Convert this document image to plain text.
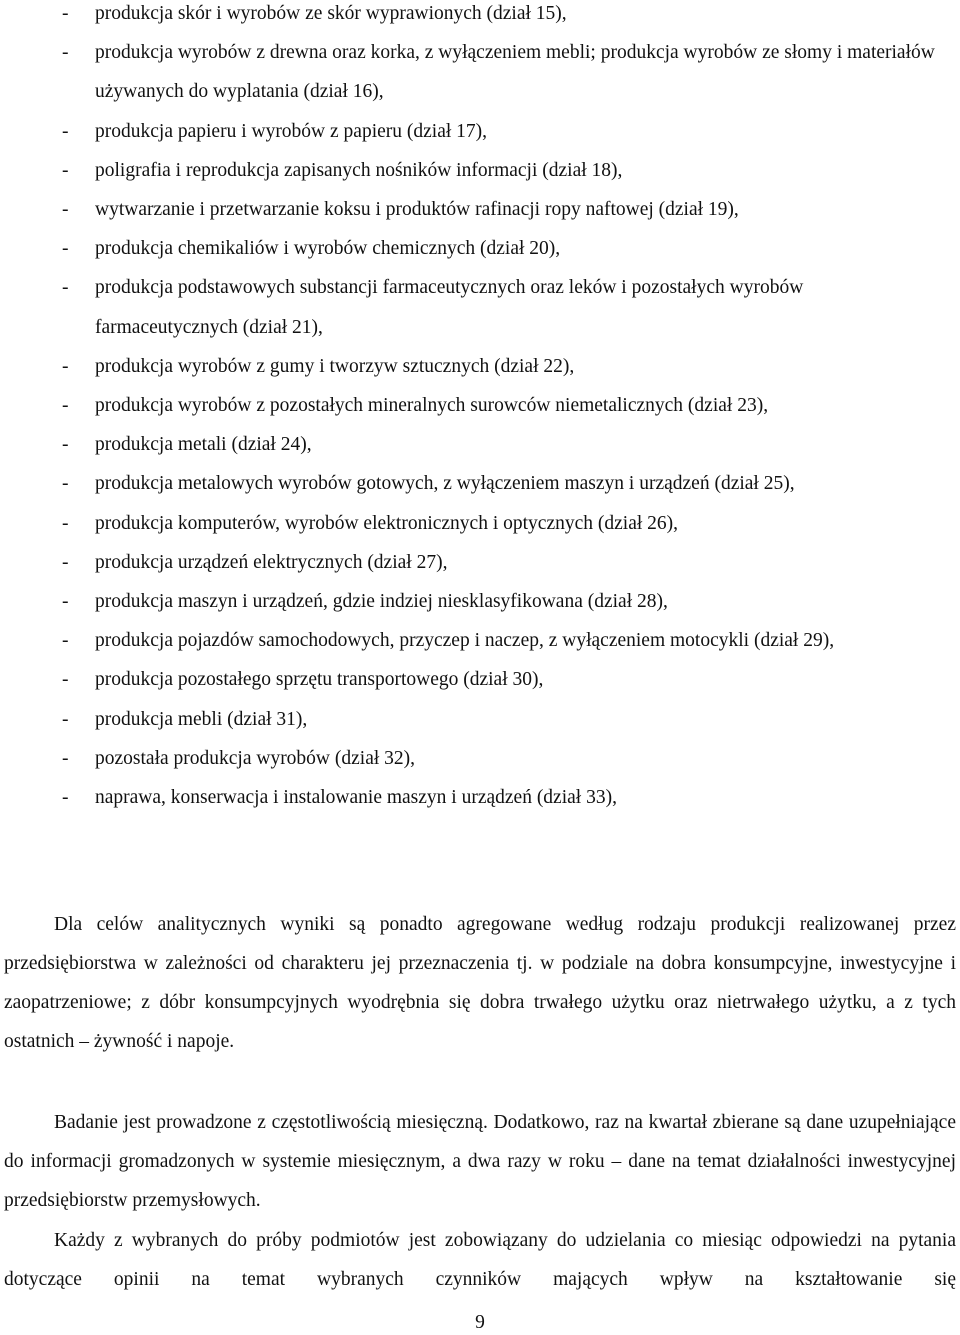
- produkcja skór i wyrobów ze skór wyprawionych (dział 15),
-	produkcja wyrobów z drewna oraz korka, z wyłączeniem mebli; produkcja wyrobów ze słomy i materiałów używanych do wyplatania (dział 16),
- produkcja papieru i wyrobów z papieru (dział 17),
- poligrafia i reprodukcja zapisanych nośników informacji (dział 18),
- wytwarzanie i przetwarzanie koksu i produktów rafinacji ropy naftowej (dział 19),
- produkcja chemikaliów i wyrobów chemicznych (dział 20),
- produkcja podstawowych substancji farmaceutycznych oraz leków i pozostałych wyrobów farmaceutycznych (dział 21),
- produkcja wyrobów z gumy i tworzyw sztucznych (dział 22),
- produkcja wyrobów z pozostałych mineralnych surowców niemetalicznych (dział 23),
- produkcja metali (dział 24),
- produkcja metalowych wyrobów gotowych, z wyłączeniem maszyn i urządzeń (dział 25),
- produkcja komputerów, wyrobów elektronicznych i optycznych (dział 26),
- produkcja urządzeń elektrycznych (dział 27),
- produkcja maszyn i urządzeń, gdzie indziej niesklasyfikowana (dział 28),
- produkcja pojazdów samochodowych, przyczep i naczep, z wyłączeniem motocykli (dział 29),
- produkcja pozostałego sprzętu transportowego (dział 30),
- produkcja mebli (dział 31),
- pozostała produkcja wyrobów (dział 32),
- naprawa, konserwacja i instalowanie maszyn i urządzeń (dział 33),

Dla celów analitycznych wyniki są ponadto agregowane według rodzaju produkcji realizowanej przez przedsiębiorstwa w zależności od charakteru jej przeznaczenia tj. w podziale na dobra konsumpcyjne, inwestycyjne i zaopatrzeniowe; z dóbr konsumpcyjnych wyodrębnia się dobra trwałego użytku oraz nietrwałego użytku, a z tych ostatnich – żywność i napoje.

Badanie jest prowadzone z częstotliwością miesięczną. Dodatkowo, raz na kwartał zbierane są dane uzupełniające do informacji gromadzonych w systemie miesięcznym, a dwa razy w roku – dane na temat działalności inwestycyjnej przedsiębiorstw przemysłowych.

Każdy z wybranych do próby podmiotów jest zobowiązany do udzielania co miesiąc odpowiedzi na pytania dotyczące opinii na temat wybranych czynników mających wpływ na kształtowanie się

9
